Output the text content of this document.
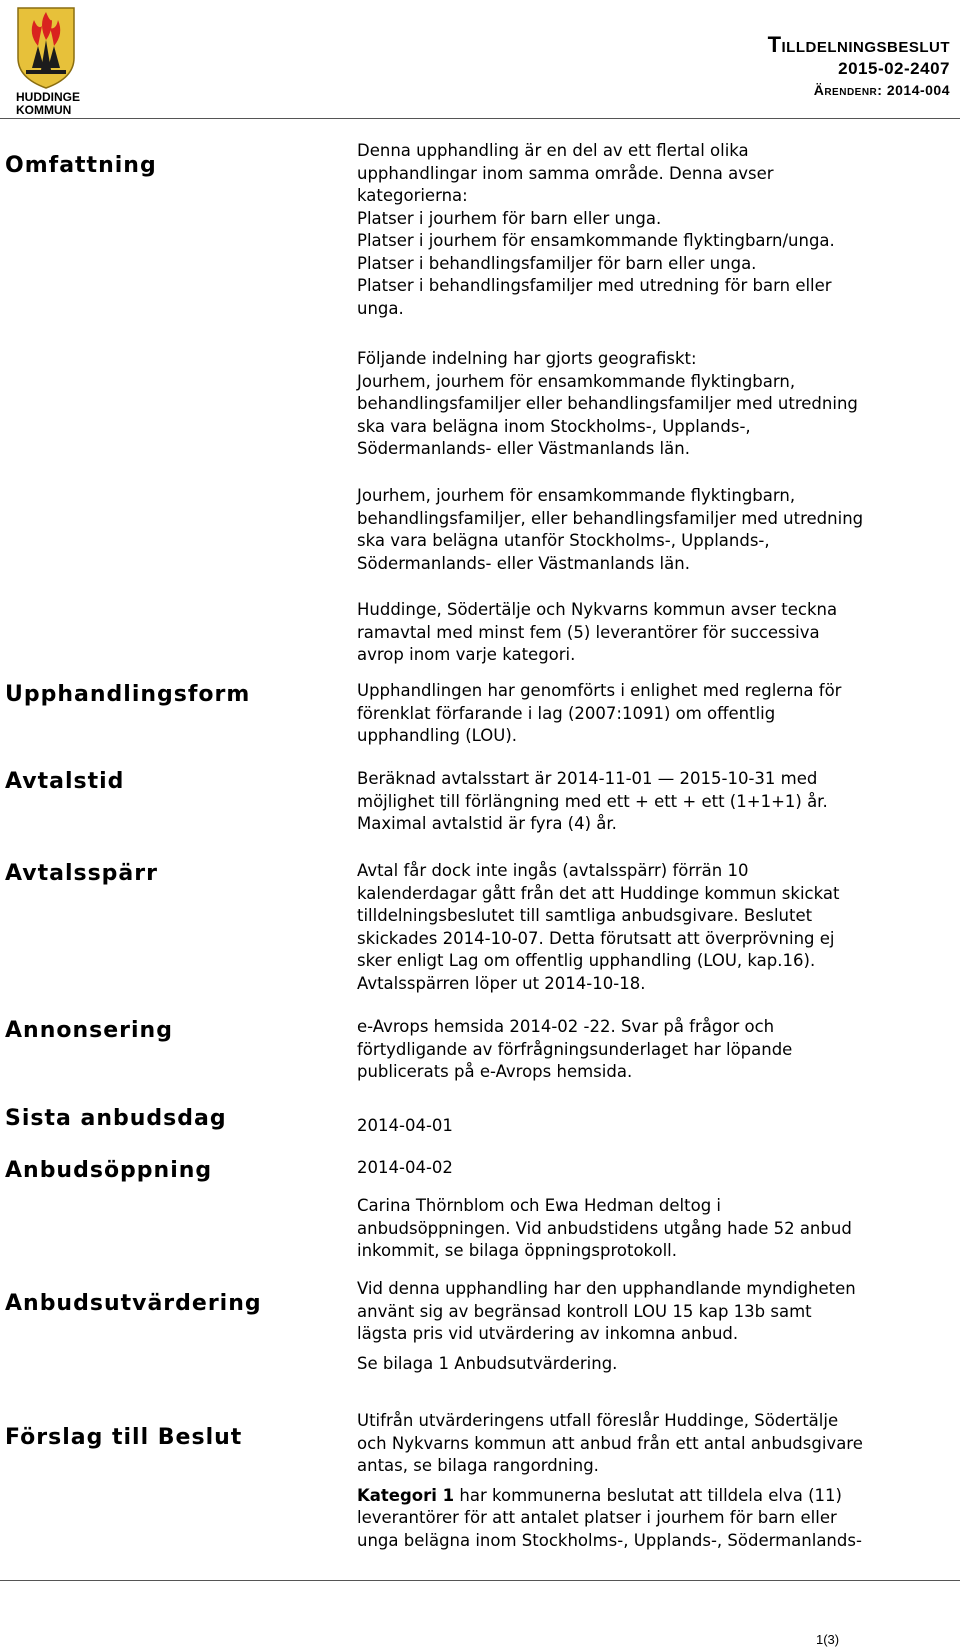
HUDDINGE
KOMMUN
Tilldelningsbeslut
2015-02-2407
Ärendenr: 2014-004
Omfattning

Denna upphandling är en del av ett flertal olika

upphandlingar inom samma område. Denna avser

kategorierna:

Platser i jourhem för barn eller unga.

Platser i jourhem för ensamkommande flyktingbarn/unga.

Platser i behandlingsfamiljer för barn eller unga.

Platser i behandlingsfamiljer med utredning för barn eller

unga.

Följande indelning har gjorts geografiskt:

Jourhem, jourhem för ensamkommande flyktingbarn,

behandlingsfamiljer eller behandlingsfamiljer med utredning

ska vara belägna inom Stockholms-, Upplands-,

Södermanlands- eller Västmanlands län.

Jourhem, jourhem för ensamkommande flyktingbarn,

behandlingsfamiljer, eller behandlingsfamiljer med utredning

ska vara belägna utanför Stockholms-, Upplands-,

Södermanlands- eller Västmanlands län.

Huddinge, Södertälje och Nykvarns kommun avser teckna

ramavtal med minst fem (5) leverantörer för successiva

avrop inom varje kategori.

Upphandlingsform	Upphandlingen har genomförts i enlighet med reglerna för

förenklat förfarande i lag (2007:1091) om offentlig

upphandling (LOU).

Avtalstid	Beräknad avtalsstart är 2014-11-01 — 2015-10-31 med

möjlighet till förlängning med ett + ett + ett (1+1+1) år.

Maximal avtalstid är fyra (4) år.

Avtalsspärr	Avtal får dock inte ingås (avtalsspärr) förrän 10

kalenderdagar gått från det att Huddinge kommun skickat

tilldelningsbeslutet till samtliga anbudsgivare. Beslutet

skickades 2014-10-07. Detta förutsatt att överprövning ej

sker enligt Lag om offentlig upphandling (LOU, kap.16).

Avtalsspärren löper ut 2014-10-18.

Annonsering	e-Avrops hemsida 2014-02 -22. Svar på frågor och

förtydligande av förfrågningsunderlaget har löpande

publicerats på e-Avrops hemsida.

Sista anbudsdag	2014-04-01
Anbudsöppning	2014-04-02

Carina Thörnblom och Ewa Hedman deltog i

anbudsöppningen. Vid anbudstidens utgång hade 52 anbud

inkommit, se bilaga öppningsprotokoll.

Anbudsutvärdering

Vid denna upphandling har den upphandlande myndigheten

använt sig av begränsad kontroll LOU 15 kap 13b samt

lägsta pris vid utvärdering av inkomna anbud.

Se bilaga 1 Anbudsutvärdering.

Förslag till Beslut

Utifrån utvärderingens utfall föreslår Huddinge, Södertälje

och Nykvarns kommun att anbud från ett antal anbudsgivare

antas, se bilaga rangordning.

Kategori 1 har kommunerna beslutat att tilldela elva (11)

leverantörer för att antalet platser i jourhem för barn eller

unga belägna inom Stockholms-, Upplands-, Södermanlands-

1(3)
